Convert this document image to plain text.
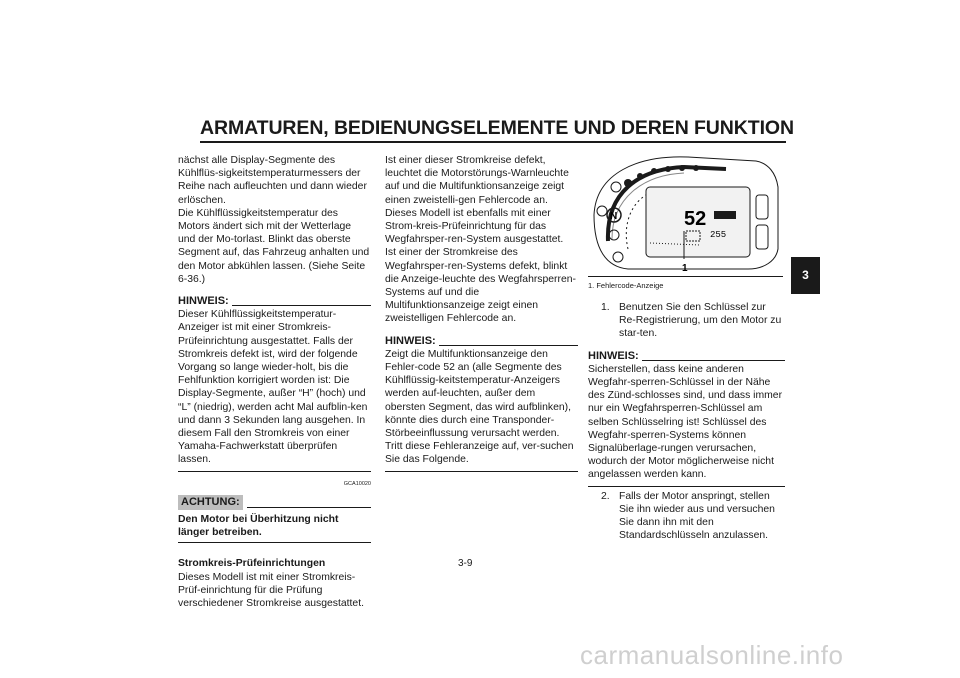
ARMATUREN, BEDIENUNGSELEMENTE UND DEREN FUNKTION

nächst alle Display-Segmente des Kühlflüs-sigkeitstemperaturmessers der Reihe nach aufleuchten und dann wieder erlöschen.

Die Kühlflüssigkeitstemperatur des Motors ändert sich mit der Wetterlage und der Mo-torlast. Blinkt das oberste Segment auf, das Fahrzeug anhalten und den Motor abkühlen lassen. (Siehe Seite 6-36.)

HINWEIS:

Dieser Kühlflüssigkeitstemperatur-Anzeiger ist mit einer Stromkreis-Prüfeinrichtung ausgestattet. Falls der Stromkreis defekt ist, wird der folgende Vorgang so lange wieder-holt, bis die Fehlfunktion korrigiert worden ist: Die Display-Segmente, außer “H” (hoch) und “L” (niedrig), werden acht Mal aufblin-ken und dann 3 Sekunden lang ausgehen. In diesem Fall den Stromkreis von einer Yamaha-Fachwerkstatt überprüfen lassen.

GCA10020
ACHTUNG:

Den Motor bei Überhitzung nicht länger betreiben.

Stromkreis-Prüfeinrichtungen

Dieses Modell ist mit einer Stromkreis-Prüf-einrichtung für die Prüfung verschiedener Stromkreise ausgestattet.

Ist einer dieser Stromkreise defekt, leuchtet die Motorstörungs-Warnleuchte auf und die Multifunktionsanzeige zeigt einen zweistelli-gen Fehlercode an.

Dieses Modell ist ebenfalls mit einer Strom-kreis-Prüfeinrichtung für das Wegfahrsper-ren-System ausgestattet.

Ist einer der Stromkreise des Wegfahrsper-ren-Systems defekt, blinkt die Anzeige-leuchte des Wegfahrsperren-Systems auf und die Multifunktionsanzeige zeigt einen zweistelligen Fehlercode an.

HINWEIS:

Zeigt die Multifunktionsanzeige den Fehler-code 52 an (alle Segmente des Kühlflüssig-keitstemperatur-Anzeigers werden auf-leuchten, außer dem obersten Segment, das wird aufblinken), könnte dies durch eine Transponder-Störbeeinflussung verursacht werden. Tritt diese Fehleranzeige auf, ver-suchen Sie das Folgende.

N	52
255
1
1. Fehlercode-Anzeige
1. Benutzen Sie den Schlüssel zur Re-Registrierung, um den Motor zu star-ten.
HINWEIS:

Sicherstellen, dass keine anderen Wegfahr-sperren-Schlüssel in der Nähe des Zünd-schlosses sind, und dass immer nur ein Wegfahrsperren-Schlüssel am selben Schlüsselring ist! Schlüssel des Wegfahr-sperren-Systems können Signalüberlage-rungen verursachen, wodurch der Motor möglicherweise nicht angelassen werden kann.

2. Falls der Motor anspringt, stellen Sie ihn wieder aus und versuchen Sie dann ihn mit den Standardschlüsseln anzulassen.
3
3-9
carmanualsonline.info
